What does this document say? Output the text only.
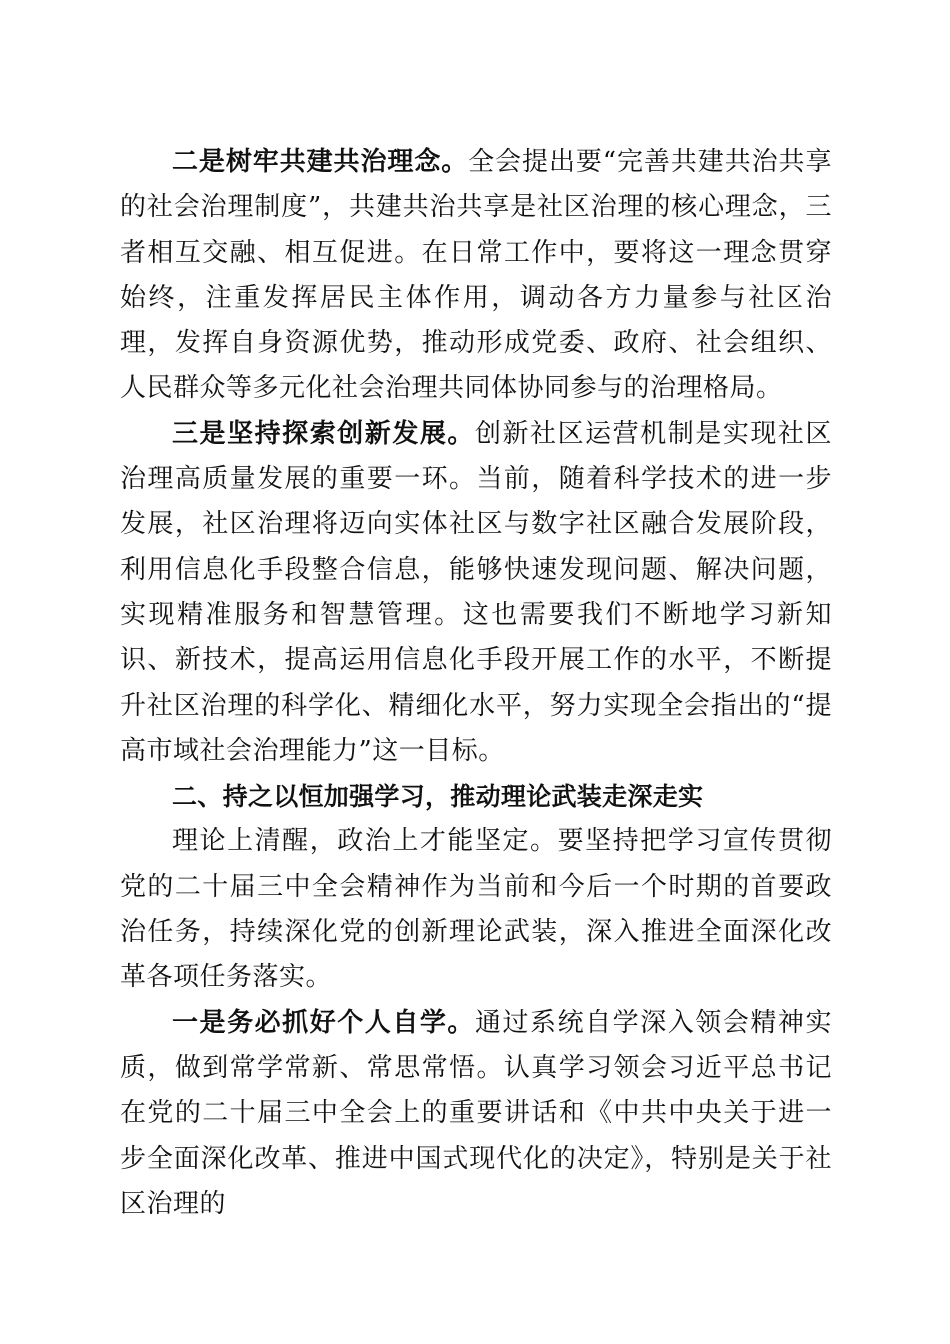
二是树牢共建共治理念。全会提出要“完善共建共治共享的社会治理制度”，共建共治共享是社区治理的核心理念，三者相互交融、相互促进。在日常工作中，要将这一理念贯穿始终，注重发挥居民主体作用，调动各方力量参与社区治理，发挥自身资源优势，推动形成党委、政府、社会组织、人民群众等多元化社会治理共同体协同参与的治理格局。

三是坚持探索创新发展。创新社区运营机制是实现社区治理高质量发展的重要一环。当前，随着科学技术的进一步发展，社区治理将迈向实体社区与数字社区融合发展阶段，利用信息化手段整合信息，能够快速发现问题、解决问题，实现精准服务和智慧管理。这也需要我们不断地学习新知识、新技术，提高运用信息化手段开展工作的水平，不断提升社区治理的科学化、精细化水平，努力实现全会指出的“提高市域社会治理能力”这一目标。

二、持之以恒加强学习，推动理论武装走深走实

理论上清醒，政治上才能坚定。要坚持把学习宣传贯彻党的二十届三中全会精神作为当前和今后一个时期的首要政治任务，持续深化党的创新理论武装，深入推进全面深化改革各项任务落实。

一是务必抓好个人自学。通过系统自学深入领会精神实质，做到常学常新、常思常悟。认真学习领会习近平总书记在党的二十届三中全会上的重要讲话和《中共中央关于进一步全面深化改革、推进中国式现代化的决定》，特别是关于社区治理的
